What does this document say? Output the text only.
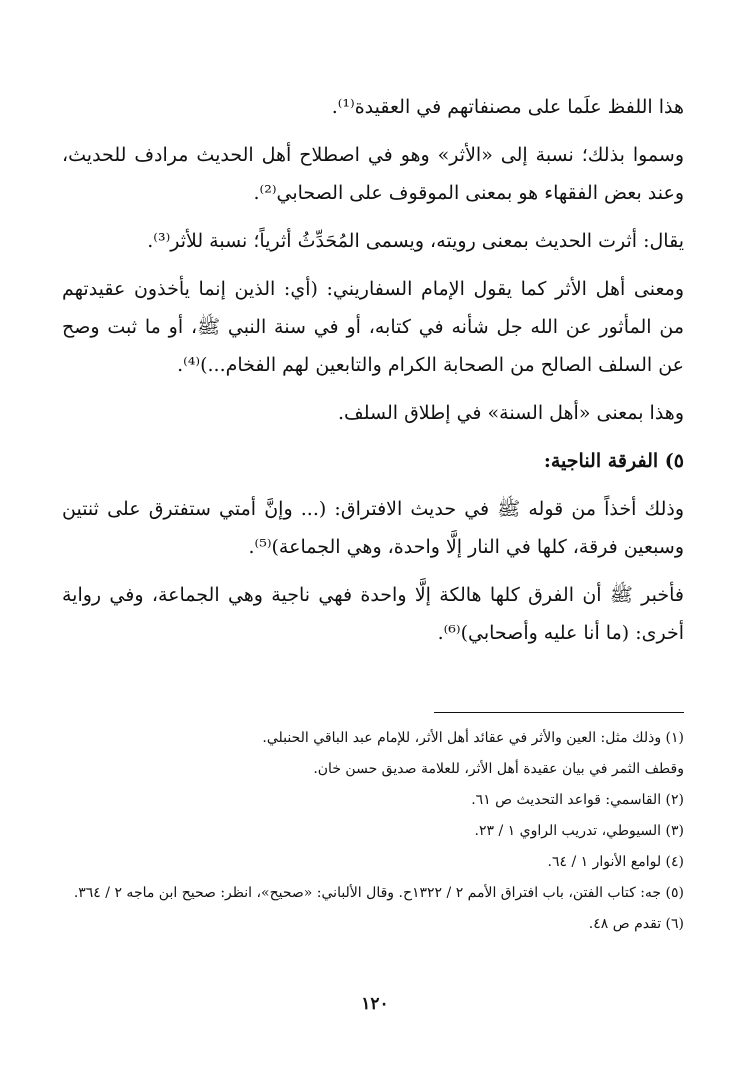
هذا اللفظ علَما على مصنفاتهم في العقيدة⁽¹⁾.

وسموا بذلك؛ نسبة إلى «الأثر» وهو في اصطلاح أهل الحديث مرادف للحديث، وعند بعض الفقهاء هو بمعنى الموقوف على الصحابي⁽²⁾.

يقال: أثرت الحديث بمعنى رويته، ويسمى المُحَدِّثُ أثرياً؛ نسبة للأثر⁽³⁾.

ومعنى أهل الأثر كما يقول الإمام السفاريني: (أي: الذين إنما يأخذون عقيدتهم من المأثور عن الله جل شأنه في كتابه، أو في سنة النبي ﷺ، أو ما ثبت وصح عن السلف الصالح من الصحابة الكرام والتابعين لهم الفخام...)⁽⁴⁾.

وهذا بمعنى «أهل السنة» في إطلاق السلف.

٥) الفرقة الناجية:

وذلك أخذاً من قوله ﷺ في حديث الافتراق: (... وإنَّ أمتي ستفترق على ثنتين وسبعين فرقة، كلها في النار إلَّا واحدة، وهي الجماعة)⁽⁵⁾.

فأخبر ﷺ أن الفرق كلها هالكة إلَّا واحدة فهي ناجية وهي الجماعة، وفي رواية أخرى: (ما أنا عليه وأصحابي)⁽⁶⁾.

(١) وذلك مثل: العين والأثر في عقائد أهل الأثر، للإمام عبد الباقي الحنبلي.

وقطف الثمر في بيان عقيدة أهل الأثر، للعلامة صديق حسن خان.

(٢) القاسمي: قواعد التحديث ص ٦١.

(٣) السيوطي، تدريب الراوي ١ / ٢٣.

(٤) لوامع الأنوار ١ / ٦٤.

(٥) جه: كتاب الفتن، باب افتراق الأمم ٢ / ١٣٢٢ح. وقال الألباني: «صحيح»، انظر: صحيح ابن ماجه ٢ / ٣٦٤.

(٦) تقدم ص ٤٨.

١٢٠
